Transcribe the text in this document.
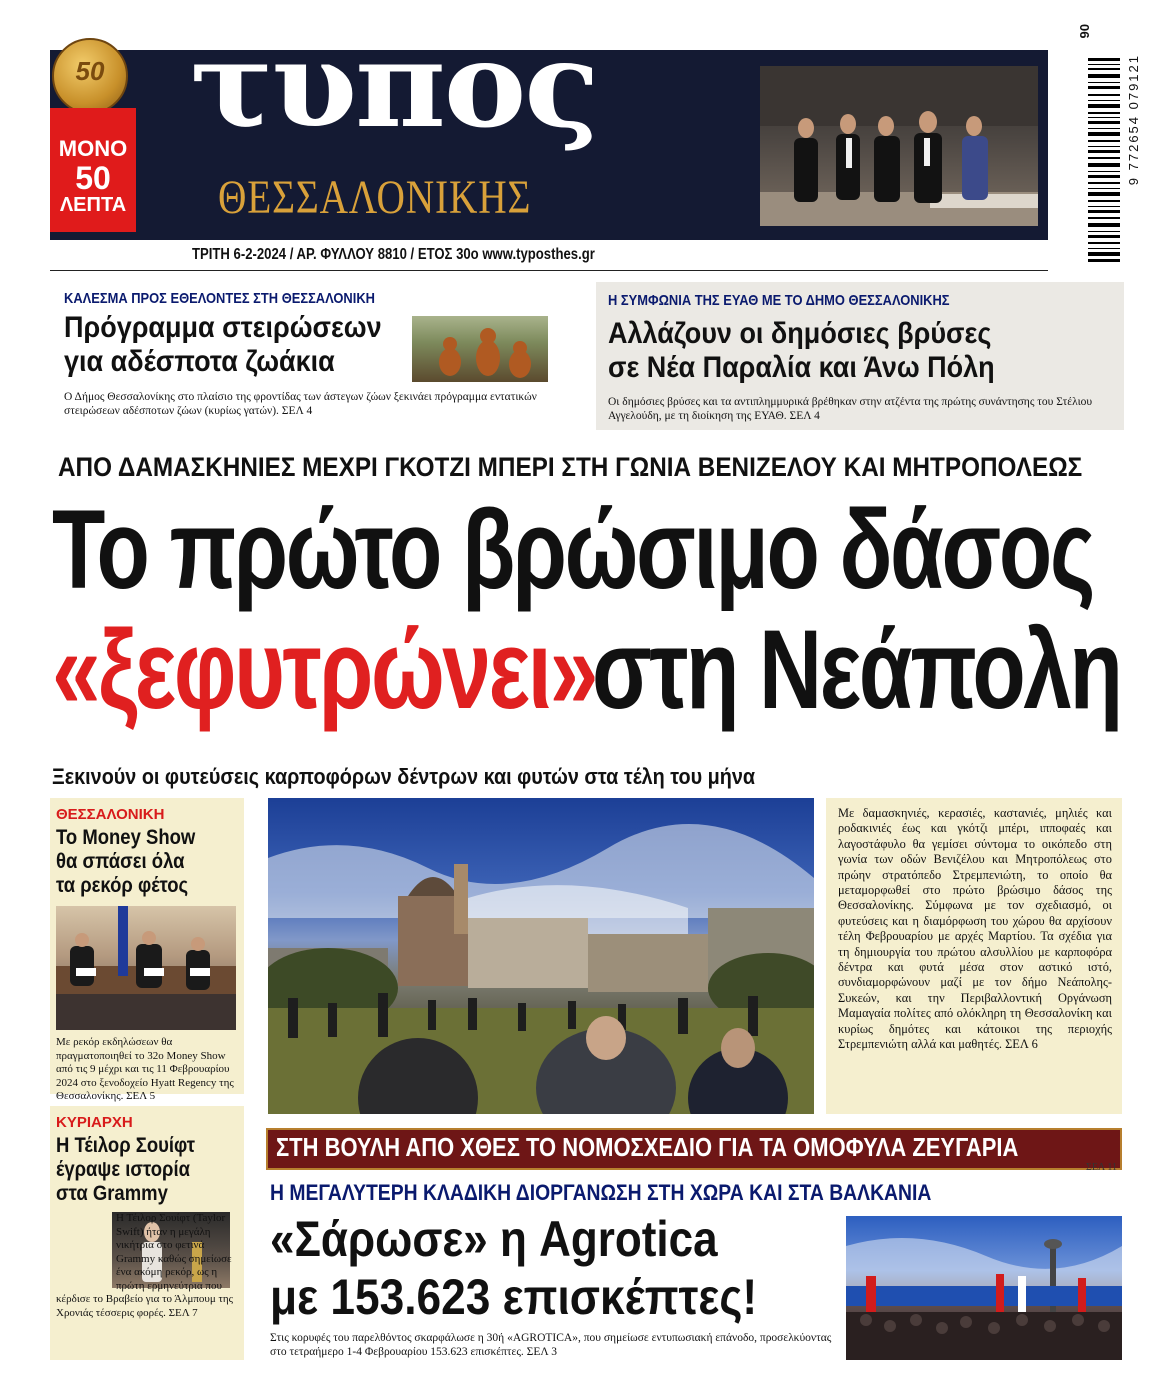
50
ΜΟΝΟ
50
ΛΕΠΤΑ
τυπος
ΘΕΣΣΑΛΟΝΙΚΗΣ
9 772654 079121
06
ΤΡΙΤΗ 6-2-2024 / ΑΡ. ΦΥΛΛΟΥ 8810 / ΕΤΟΣ 30ο www.typosthes.gr
ΚΑΛΕΣΜΑ ΠΡΟΣ ΕΘΕΛΟΝΤΕΣ ΣΤΗ ΘΕΣΣΑΛΟΝΙΚΗ
Πρόγραμμα στειρώσεων
για αδέσποτα ζωάκια
Ο Δήμος Θεσσαλονίκης στο πλαίσιο της φροντίδας των άστεγων ζώων ξεκινάει πρόγραμμα εντατικών στειρώσεων αδέσποτων ζώων (κυρίως γατών). ΣΕΛ 4
Η ΣΥΜΦΩΝΙΑ ΤΗΣ ΕΥΑΘ ΜΕ ΤΟ ΔΗΜΟ ΘΕΣΣΑΛΟΝΙΚΗΣ
Αλλάζουν οι δημόσιες βρύσες
σε Νέα Παραλία και Άνω Πόλη
Οι δημόσιες βρύσες και τα αντιπλημμυρικά βρέθηκαν στην ατζέντα της πρώτης συνάντησης του Στέλιου Αγγελούδη, με τη διοίκηση της ΕΥΑΘ. ΣΕΛ 4
ΑΠΟ ΔΑΜΑΣΚΗΝΙΕΣ ΜΕΧΡΙ ΓΚΟΤΖΙ ΜΠΕΡΙ ΣΤΗ ΓΩΝΙΑ ΒΕΝΙΖΕΛΟΥ ΚΑΙ ΜΗΤΡΟΠΟΛΕΩΣ
Το πρώτο βρώσιμο δάσος
«ξεφυτρώνει»
στη Νεάπολη
Ξεκινούν οι φυτεύσεις καρποφόρων δέντρων και φυτών στα τέλη του μήνα

Με δαμασκηνιές, κερασιές, καστανιές, μηλιές και ροδακινιές έως και γκότζι μπέρι, ιπποφαές και λαγοστάφυλο θα γεμίσει σύντομα το οικόπεδο στη γωνία των οδών Βενιζέλου και Μητροπόλεως στο πρώην στρατόπεδο Στρεμπενιώτη, το οποίο θα μεταμορφωθεί στο πρώτο βρώσιμο δάσος της Θεσσαλονίκης. Σύμφωνα με τον σχεδιασμό, οι φυτεύσεις και η διαμόρφωση του χώρου θα αρχίσουν τέλη Φεβρουαρίου με αρχές Μαρτίου. Τα σχέδια για τη δημιουργία του πρώτου αλσυλλίου με καρποφόρα δέντρα και φυτά μέσα στον αστικό ιστό, συνδιαμορφώνουν μαζί με τον δήμο Νεάπολης-Συκεών, και την Περιβαλλοντική Οργάνωση Μαμαγαία πολίτες από ολόκληρη τη Θεσσαλονίκη και κυρίως δημότες και κάτοικοι της περιοχής Στρεμπενιώτη αλλά και μαθητές. ΣΕΛ 6

ΘΕΣΣΑΛΟΝΙΚΗ
Το Money Show
θα σπάσει όλα
τα ρεκόρ φέτος
Με ρεκόρ εκδηλώσεων θα πραγματοποιηθεί το 32ο Money Show από τις 9 μέχρι και τις 11 Φεβρουαρίου 2024 στο ξενοδοχείο Hyatt Regency της Θεσσαλονίκης. ΣΕΛ 5
ΚΥΡΙΑΡΧΗ
Η Τέιλορ Σουίφτ
έγραψε ιστορία
στα Grammy
Η Τέιλορ Σουίφτ (Taylor Swift) ήταν η μεγάλη νικήτρια στο φετινά Grammy καθώς σημείωσε ένα ακόμη ρεκόρ, ως η πρώτη ερμηνεύτρια που κέρδισε το Βραβείο για το Άλμπουμ της Χρονιάς τέσσερις φορές. ΣΕΛ 7
ΣΤΗ ΒΟΥΛΗ ΑΠΟ ΧΘΕΣ ΤΟ ΝΟΜΟΣΧΕΔΙΟ ΓΙΑ ΤΑ ΟΜΟΦΥΛΑ ΖΕΥΓΑΡΙΑ
ΣΕΛ 11
Η ΜΕΓΑΛΥΤΕΡΗ ΚΛΑΔΙΚΗ ΔΙΟΡΓΑΝΩΣΗ ΣΤΗ ΧΩΡΑ ΚΑΙ ΣΤΑ ΒΑΛΚΑΝΙΑ
«Σάρωσε» η Agrotica
με 153.623 επισκέπτες!
Στις κορυφές του παρελθόντος σκαρφάλωσε η 30ή «AGROTICA», που σημείωσε εντυπωσιακή επάνοδο, προσελκύοντας στο τετραήμερο 1-4 Φεβρουαρίου 153.623 επισκέπτες. ΣΕΛ 3
